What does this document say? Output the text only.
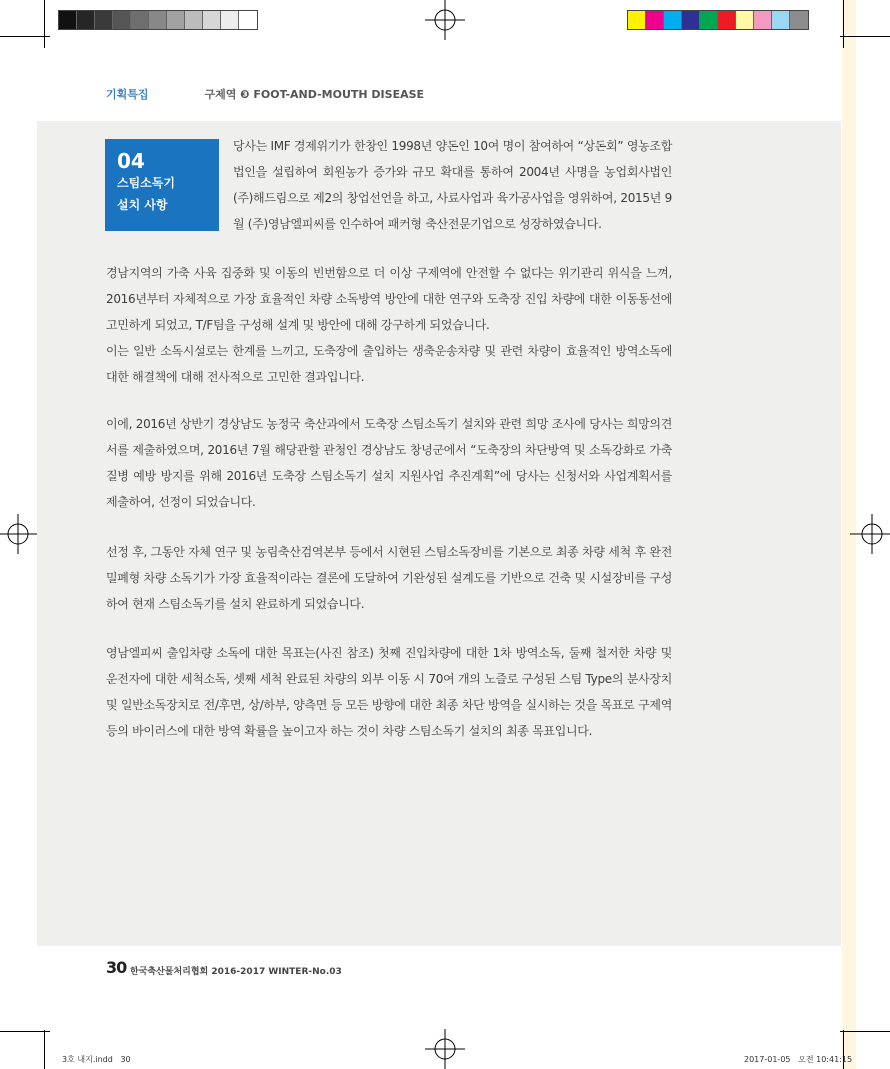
기획특집	구제역 ❸ FOOT-AND-MOUTH DISEASE
04
스팀소독기
설치 사항

당사는 IMF 경제위기가 한창인 1998년 양돈인 10여 명이 참여하여 “상돈회” 영농조합법인을 설립하여 회원농가 증가와 규모 확대를 통하여 2004년 사명을 농업회사법인(주)해드림으로 제2의 창업선언을 하고, 사료사업과 육가공사업을 영위하여, 2015년 9월 (주)영남엘피씨를 인수하여 패커형 축산전문기업으로 성장하였습니다.

경남지역의 가축 사육 집중화 및 이동의 빈번함으로 더 이상 구제역에 안전할 수 없다는 위기관리 위식을 느껴, 2016년부터 자체적으로 가장 효율적인 차량 소독방역 방안에 대한 연구와 도축장 진입 차량에 대한 이동동선에 고민하게 되었고, T/F팀을 구성해 설계 및 방안에 대해 강구하게 되었습니다.

이는 일반 소독시설로는 한계를 느끼고, 도축장에 출입하는 생축운송차량 및 관련 차량이 효율적인 방역소독에 대한 해결책에 대해 전사적으로 고민한 결과입니다.

이에, 2016년 상반기 경상남도 농정국 축산과에서 도축장 스팀소독기 설치와 관련 희망 조사에 당사는 희망의견서를 제출하였으며, 2016년 7월 해당관할 관청인 경상남도 창녕군에서 “도축장의 차단방역 및 소독강화로 가축질병 예방 방지를 위해 2016년 도축장 스팀소독기 설치 지원사업 추진계획”에 당사는 신청서와 사업계획서를 제출하여, 선정이 되었습니다.

선정 후, 그동안 자체 연구 및 농림축산검역본부 등에서 시현된 스팀소독장비를 기본으로 최종 차량 세척 후 완전 밀폐형 차량 소독기가 가장 효율적이라는 결론에 도달하여 기완성된 설계도를 기반으로 건축 및 시설장비를 구성하여 현재 스팀소독기를 설치 완료하게 되었습니다.

영남엘피씨 출입차량 소독에 대한 목표는(사진 참조) 첫째 진입차량에 대한 1차 방역소독, 둘째 철저한 차량 및 운전자에 대한 세척소독, 셋째 세척 완료된 차량의 외부 이동 시 70여 개의 노즐로 구성된 스팀 Type의 분사장치 및 일반소독장치로 전/후면, 상/하부, 양측면 등 모든 방향에 대한 최종 차단 방역을 실시하는 것을 목표로 구제역 등의 바이러스에 대한 방역 확률을 높이고자 하는 것이 차량 스팀소독기 설치의 최종 목표입니다.

30 한국축산물처리협회 2016-2017 WINTER-No.03
3호 내지.indd   30	2017-01-05   오전 10:41:15
